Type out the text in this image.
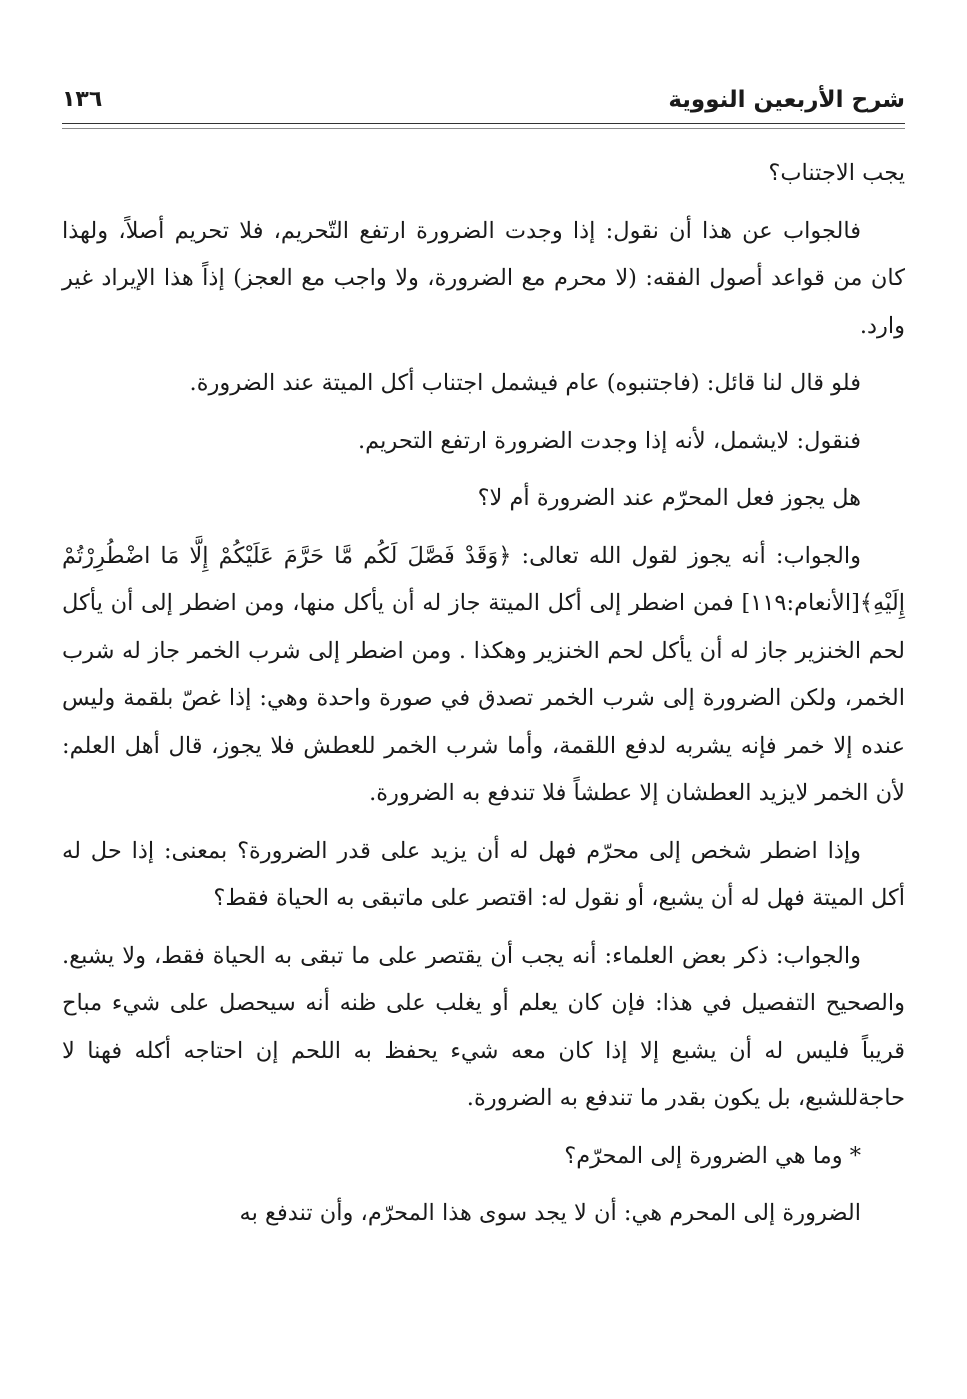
شرح الأربعين النووية
١٣٦

يجب الاجتناب؟

فالجواب عن هذا أن نقول: إذا وجدت الضرورة ارتفع التّحريم، فلا تحريم أصلاً، ولهذا كان من قواعد أصول الفقه: (لا محرم مع الضرورة، ولا واجب مع العجز) إذاً هذا الإيراد غير وارد.

فلو قال لنا قائل: (فاجتنبوه) عام فيشمل اجتناب أكل الميتة عند الضرورة.

فنقول: لايشمل، لأنه إذا وجدت الضرورة ارتفع التحريم.

هل يجوز فعل المحرّم عند الضرورة أم لا؟

والجواب: أنه يجوز لقول الله تعالى: ﴿وَقَدْ فَصَّلَ لَكُم مَّا حَرَّمَ عَلَيْكُمْ إِلَّا مَا اضْطُرِرْتُمْ إِلَيْهِ﴾[الأنعام:١١٩] فمن اضطر إلى أكل الميتة جاز له أن يأكل منها، ومن اضطر إلى أن يأكل لحم الخنزير جاز له أن يأكل لحم الخنزير وهكذا . ومن اضطر إلى شرب الخمر جاز له شرب الخمر، ولكن الضرورة إلى شرب الخمر تصدق في صورة واحدة وهي: إذا غصّ بلقمة وليس عنده إلا خمر فإنه يشربه لدفع اللقمة، وأما شرب الخمر للعطش فلا يجوز، قال أهل العلم: لأن الخمر لايزيد العطشان إلا عطشاً فلا تندفع به الضرورة.

وإذا اضطر شخص إلى محرّم فهل له أن يزيد على قدر الضرورة؟ بمعنى: إذا حل له أكل الميتة فهل له أن يشبع، أو نقول له: اقتصر على ماتبقى به الحياة فقط؟

والجواب: ذكر بعض العلماء: أنه يجب أن يقتصر على ما تبقى به الحياة فقط، ولا يشبع. والصحيح التفصيل في هذا: فإن كان يعلم أو يغلب على ظنه أنه سيحصل على شيء مباح قريباً فليس له أن يشبع إلا إذا كان معه شيء يحفظ به اللحم إن احتاجه أكله فهنا لا حاجةللشبع، بل يكون بقدر ما تندفع به الضرورة.

* وما هي الضرورة إلى المحرّم؟

الضرورة إلى المحرم هي: أن لا يجد سوى هذا المحرّم، وأن تندفع به
